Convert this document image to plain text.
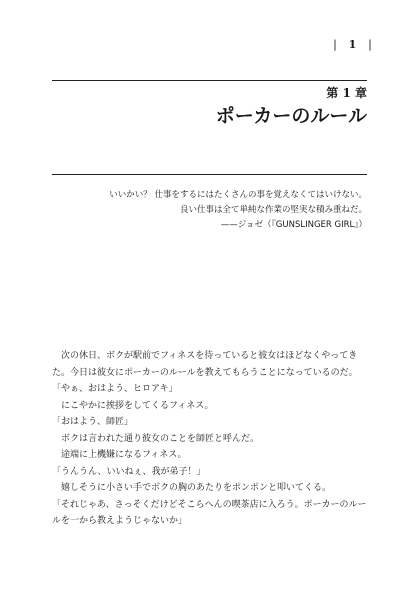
| 1 |
第 1 章
ポーカーのルール

いいかい？ 仕事をするにはたくさんの事を覚えなくてはいけない。

良い仕事は全て単純な作業の堅実な積み重ねだ。

——ジョゼ（『GUNSLINGER GIRL』）

次の休日、ボクが駅前でフィネスを待っていると彼女はほどなくやってきた。今日は彼女にポーカーのルールを教えてもらうことになっているのだ。

「やぁ、おはよう、ヒロアキ」

にこやかに挨拶をしてくるフィネス。

「おはよう、師匠」

ボクは言われた通り彼女のことを師匠と呼んだ。

途端に上機嫌になるフィネス。

「うんうん、いいねぇ、我が弟子！」

嬉しそうに小さい手でボクの胸のあたりをポンポンと叩いてくる。

「それじゃあ、さっそくだけどそこらへんの喫茶店に入ろう。ポーカーのルールを一から教えようじゃないか」
